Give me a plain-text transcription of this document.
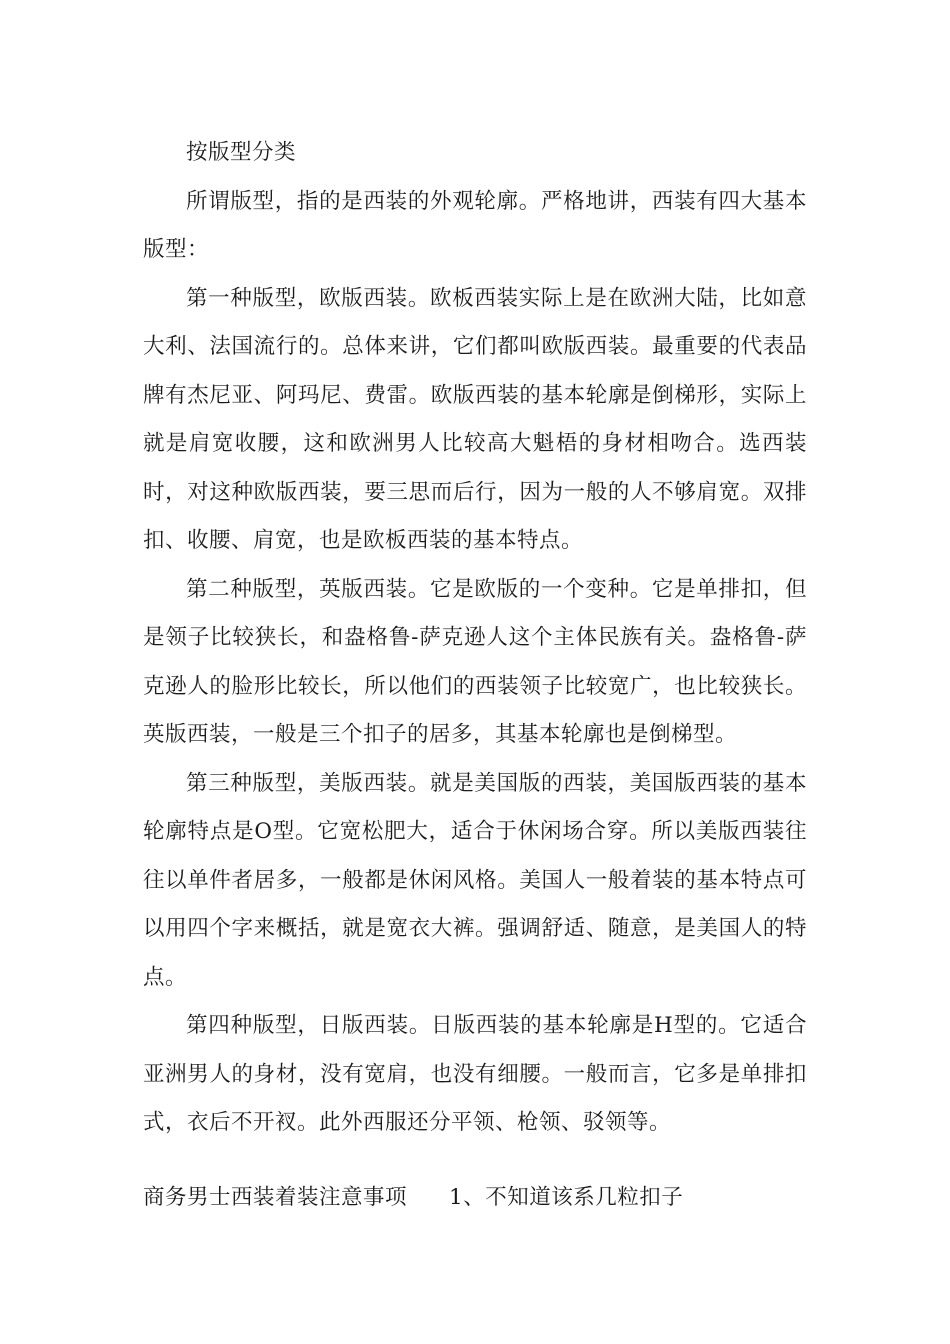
按版型分类

所谓版型，指的是西装的外观轮廓。严格地讲，西装有四大基本版型：

第一种版型，欧版西装。欧板西装实际上是在欧洲大陆，比如意大利、法国流行的。总体来讲，它们都叫欧版西装。最重要的代表品牌有杰尼亚、阿玛尼、费雷。欧版西装的基本轮廓是倒梯形，实际上就是肩宽收腰，这和欧洲男人比较高大魁梧的身材相吻合。选西装时，对这种欧版西装，要三思而后行，因为一般的人不够肩宽。双排扣、收腰、肩宽，也是欧板西装的基本特点。

第二种版型，英版西装。它是欧版的一个变种。它是单排扣，但是领子比较狭长，和盎格鲁-萨克逊人这个主体民族有关。盎格鲁-萨克逊人的脸形比较长，所以他们的西装领子比较宽广，也比较狭长。英版西装，一般是三个扣子的居多，其基本轮廓也是倒梯型。

第三种版型，美版西装。就是美国版的西装，美国版西装的基本轮廓特点是O型。它宽松肥大，适合于休闲场合穿。所以美版西装往往以单件者居多，一般都是休闲风格。美国人一般着装的基本特点可以用四个字来概括，就是宽衣大裤。强调舒适、随意，是美国人的特点。

第四种版型，日版西装。日版西装的基本轮廓是H型的。它适合亚洲男人的身材，没有宽肩，也没有细腰。一般而言，它多是单排扣式，衣后不开衩。此外西服还分平领、枪领、驳领等。

商务男士西装着装注意事项 1、不知道该系几粒扣子
